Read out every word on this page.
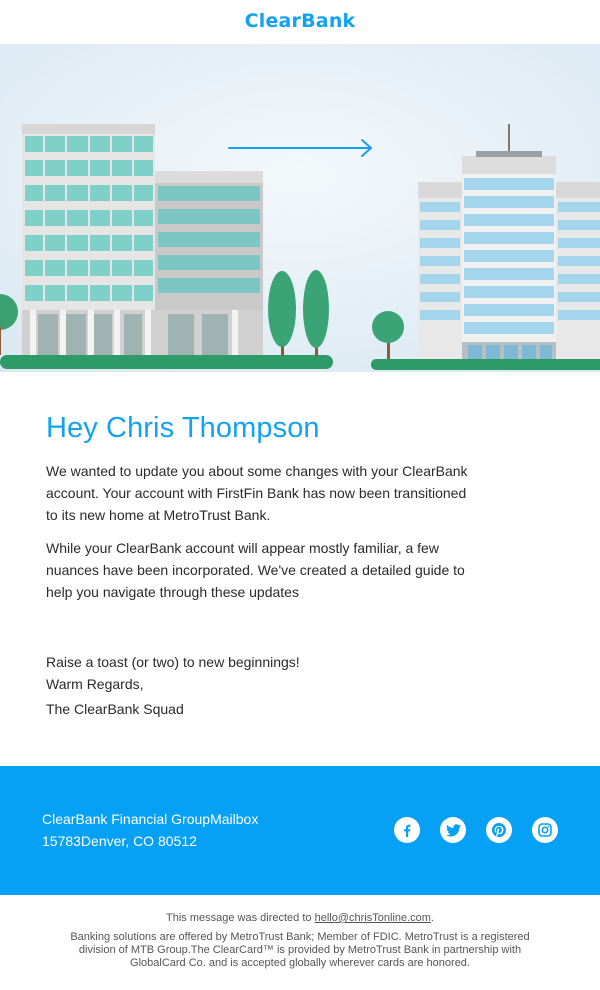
ClearBank
Hey Chris Thompson

We wanted to update you about some changes with your ClearBank account. Your account with FirstFin Bank has now been transitioned to its new home at MetroTrust Bank.

While your ClearBank account will appear mostly familiar, a few nuances have been incorporated. We've created a detailed guide to help you navigate through these updates

Raise a toast (or two) to new beginnings!
Warm Regards,
The ClearBank Squad
ClearBank Financial GroupMailbox
15783Denver, CO 80512
This message was directed to hello@chrisTonline.com.
Banking solutions are offered by MetroTrust Bank; Member of FDIC. MetroTrust is a registered division of MTB Group.The ClearCard™ is provided by MetroTrust Bank in partnership with GlobalCard Co. and is accepted globally wherever cards are honored.
